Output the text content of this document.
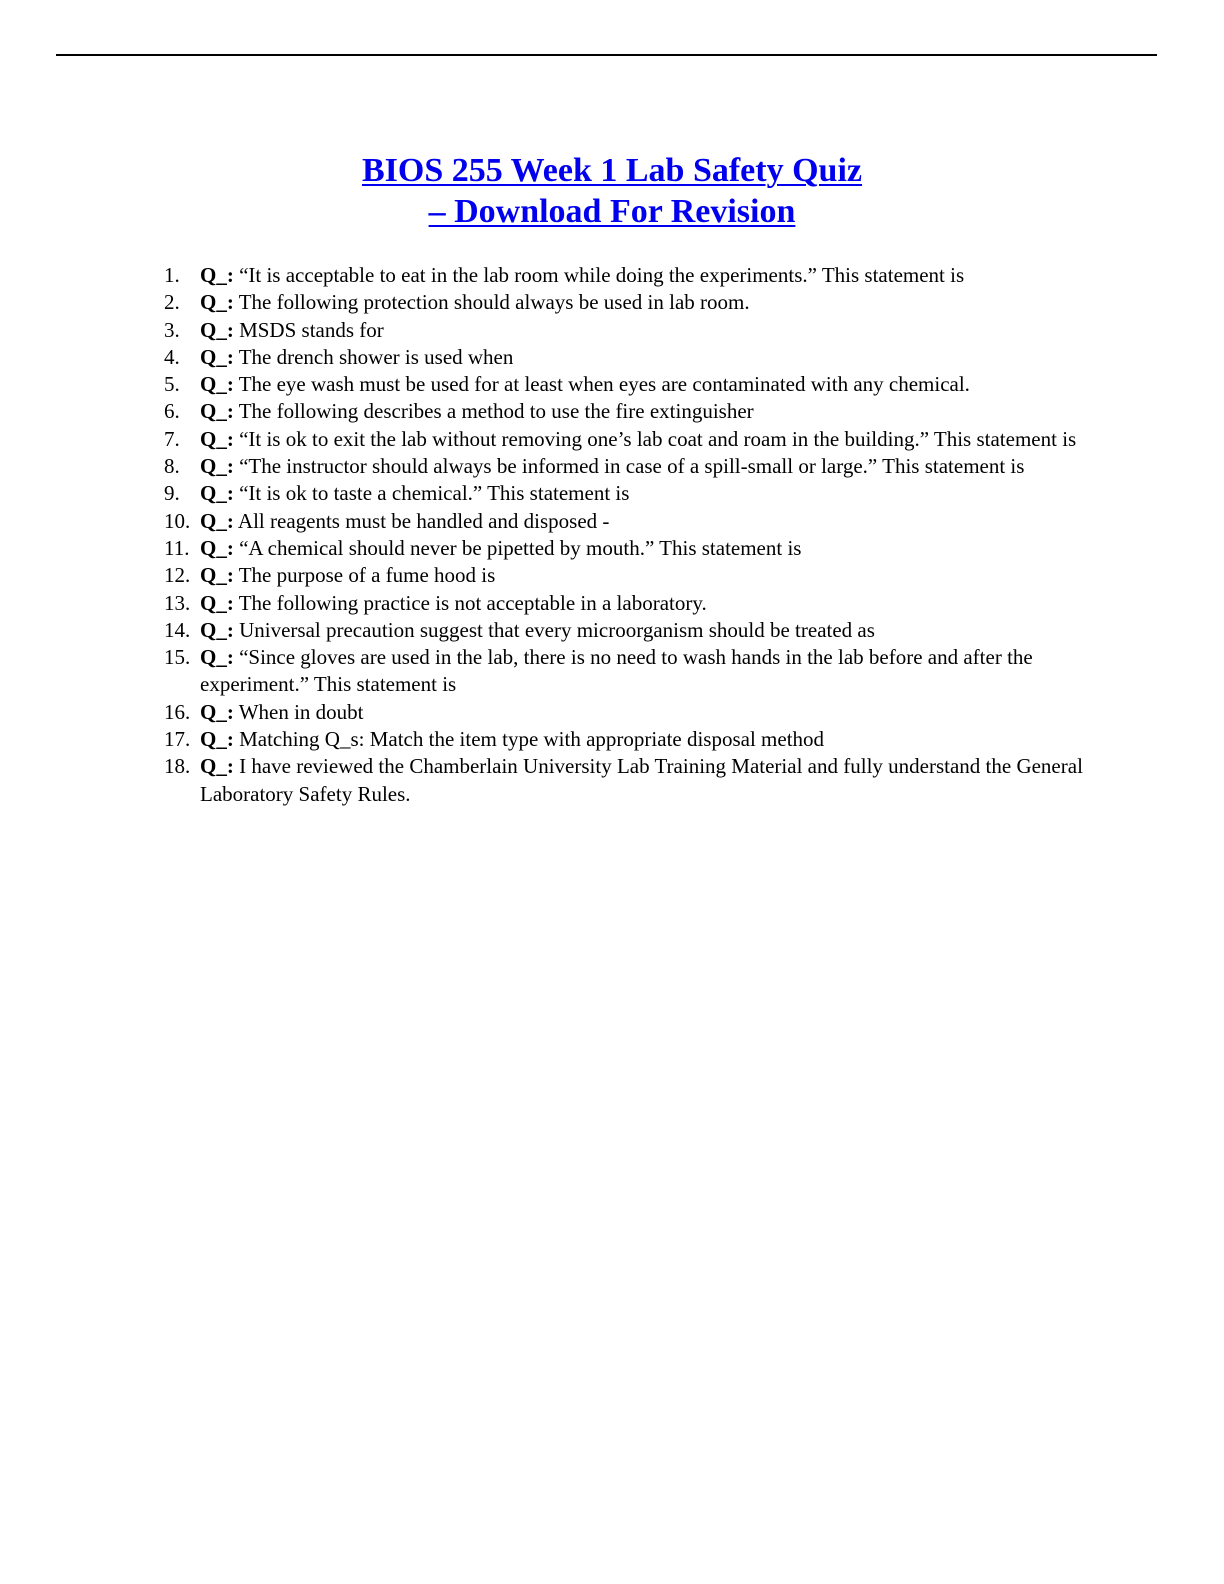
BIOS 255 Week 1 Lab Safety Quiz
– Download For Revision
1. Q_: “It is acceptable to eat in the lab room while doing the experiments.” This statement is
2. Q_: The following protection should always be used in lab room.
3. Q_: MSDS stands for
4. Q_: The drench shower is used when
5. Q_: The eye wash must be used for at least when eyes are contaminated with any chemical.
6. Q_: The following describes a method to use the fire extinguisher
7. Q_: “It is ok to exit the lab without removing one’s lab coat and roam in the building.” This statement is
8. Q_: “The instructor should always be informed in case of a spill-small or large.” This statement is
9. Q_: “It is ok to taste a chemical.” This statement is
10. Q_: All reagents must be handled and disposed -
11. Q_: “A chemical should never be pipetted by mouth.” This statement is
12. Q_: The purpose of a fume hood is
13. Q_: The following practice is not acceptable in a laboratory.
14. Q_: Universal precaution suggest that every microorganism should be treated as
15. Q_: “Since gloves are used in the lab, there is no need to wash hands in the lab before and after the experiment.” This statement is
16. Q_: When in doubt
17. Q_: Matching Q_s: Match the item type with appropriate disposal method
18. Q_: I have reviewed the Chamberlain University Lab Training Material and fully understand the General Laboratory Safety Rules.
